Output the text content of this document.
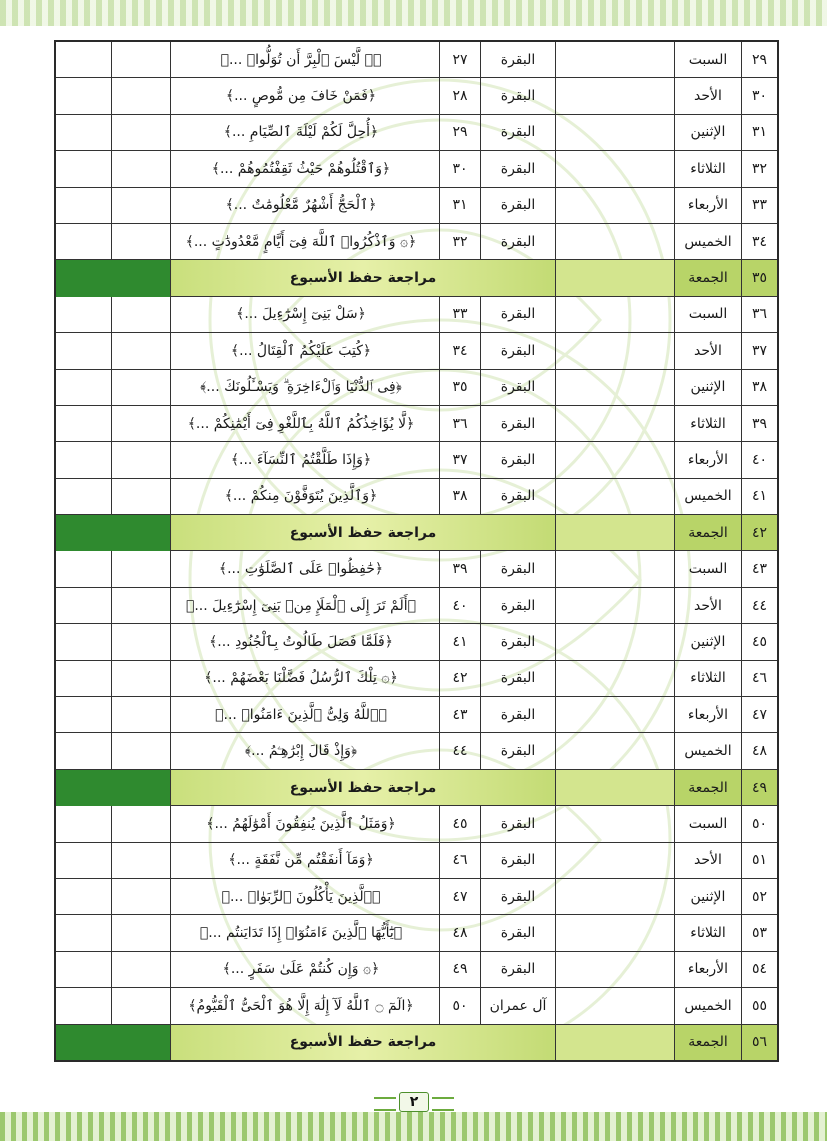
٢٩	السبت		البقرة	٢٧	﴿۞ لَّيْسَ ٱلْبِرَّ أَن تُوَلُّوا۟ ...﴾		
٣٠	الأحد		البقرة	٢٨	﴿فَمَنْ خَافَ مِن مُّوصٍ ...﴾		
٣١	الإثنين		البقرة	٢٩	﴿أُحِلَّ لَكُمْ لَيْلَةَ ٱلصِّيَامِ ...﴾		
٣٢	الثلاثاء		البقرة	٣٠	﴿وَٱقْتُلُوهُمْ حَيْثُ ثَقِفْتُمُوهُمْ ...﴾		
٣٣	الأربعاء		البقرة	٣١	﴿ٱلْحَجُّ أَشْهُرٌ مَّعْلُومَٰتٌ ...﴾		
٣٤	الخميس		البقرة	٣٢	﴿۞ وَٱذْكُرُوا۟ ٱللَّهَ فِىٓ أَيَّامٍ مَّعْدُودَٰتٍ ...﴾		
٣٥	الجمعة		مراجعة حفظ الأسبوع				
٣٦	السبت		البقرة	٣٣	﴿سَلْ بَنِىٓ إِسْرَٰٓءِيلَ ...﴾		
٣٧	الأحد		البقرة	٣٤	﴿كُتِبَ عَلَيْكُمُ ٱلْقِتَالُ ...﴾		
٣٨	الإثنين		البقرة	٣٥	﴿فِى ٱلدُّنْيَا وَٱلْءَاخِرَةِ ۗ وَيَسْـَٔلُونَكَ ...﴾		
٣٩	الثلاثاء		البقرة	٣٦	﴿لَّا يُؤَاخِذُكُمُ ٱللَّهُ بِٱللَّغْوِ فِىٓ أَيْمَٰنِكُمْ ...﴾		
٤٠	الأربعاء		البقرة	٣٧	﴿وَإِذَا طَلَّقْتُمُ ٱلنِّسَآءَ ...﴾		
٤١	الخميس		البقرة	٣٨	﴿وَٱلَّذِينَ يُتَوَفَّوْنَ مِنكُمْ ...﴾		
٤٢	الجمعة		مراجعة حفظ الأسبوع				
٤٣	السبت		البقرة	٣٩	﴿حَٰفِظُوا۟ عَلَى ٱلصَّلَوَٰتِ ...﴾		
٤٤	الأحد		البقرة	٤٠	﴿أَلَمْ تَرَ إِلَى ٱلْمَلَإِ مِنۢ بَنِىٓ إِسْرَٰٓءِيلَ ...﴾		
٤٥	الإثنين		البقرة	٤١	﴿فَلَمَّا فَصَلَ طَالُوتُ بِٱلْجُنُودِ ...﴾		
٤٦	الثلاثاء		البقرة	٤٢	﴿۞ تِلْكَ ٱلرُّسُلُ فَضَّلْنَا بَعْضَهُمْ ...﴾		
٤٧	الأربعاء		البقرة	٤٣	﴿ٱللَّهُ وَلِىُّ ٱلَّذِينَ ءَامَنُوا۟ ...﴾		
٤٨	الخميس		البقرة	٤٤	﴿وَإِذْ قَالَ إِبْرَٰهِـۧمُ ...﴾		
٤٩	الجمعة		مراجعة حفظ الأسبوع				
٥٠	السبت		البقرة	٤٥	﴿وَمَثَلُ ٱلَّذِينَ يُنفِقُونَ أَمْوَٰلَهُمُ ...﴾		
٥١	الأحد		البقرة	٤٦	﴿وَمَآ أَنفَقْتُم مِّن نَّفَقَةٍ ...﴾		
٥٢	الإثنين		البقرة	٤٧	﴿ٱلَّذِينَ يَأْكُلُونَ ٱلرِّبَوٰا۟ ...﴾		
٥٣	الثلاثاء		البقرة	٤٨	﴿يَٰٓأَيُّهَا ٱلَّذِينَ ءَامَنُوٓا۟ إِذَا تَدَايَنتُم ...﴾		
٥٤	الأربعاء		البقرة	٤٩	﴿۞ وَإِن كُنتُمْ عَلَىٰ سَفَرٍ ...﴾		
٥٥	الخميس		آل عمران	٥٠	﴿الٓمٓ ۝ ٱللَّهُ لَآ إِلَٰهَ إِلَّا هُوَ ٱلْحَىُّ ٱلْقَيُّومُ﴾		
٥٦	الجمعة		مراجعة حفظ الأسبوع				
٢
